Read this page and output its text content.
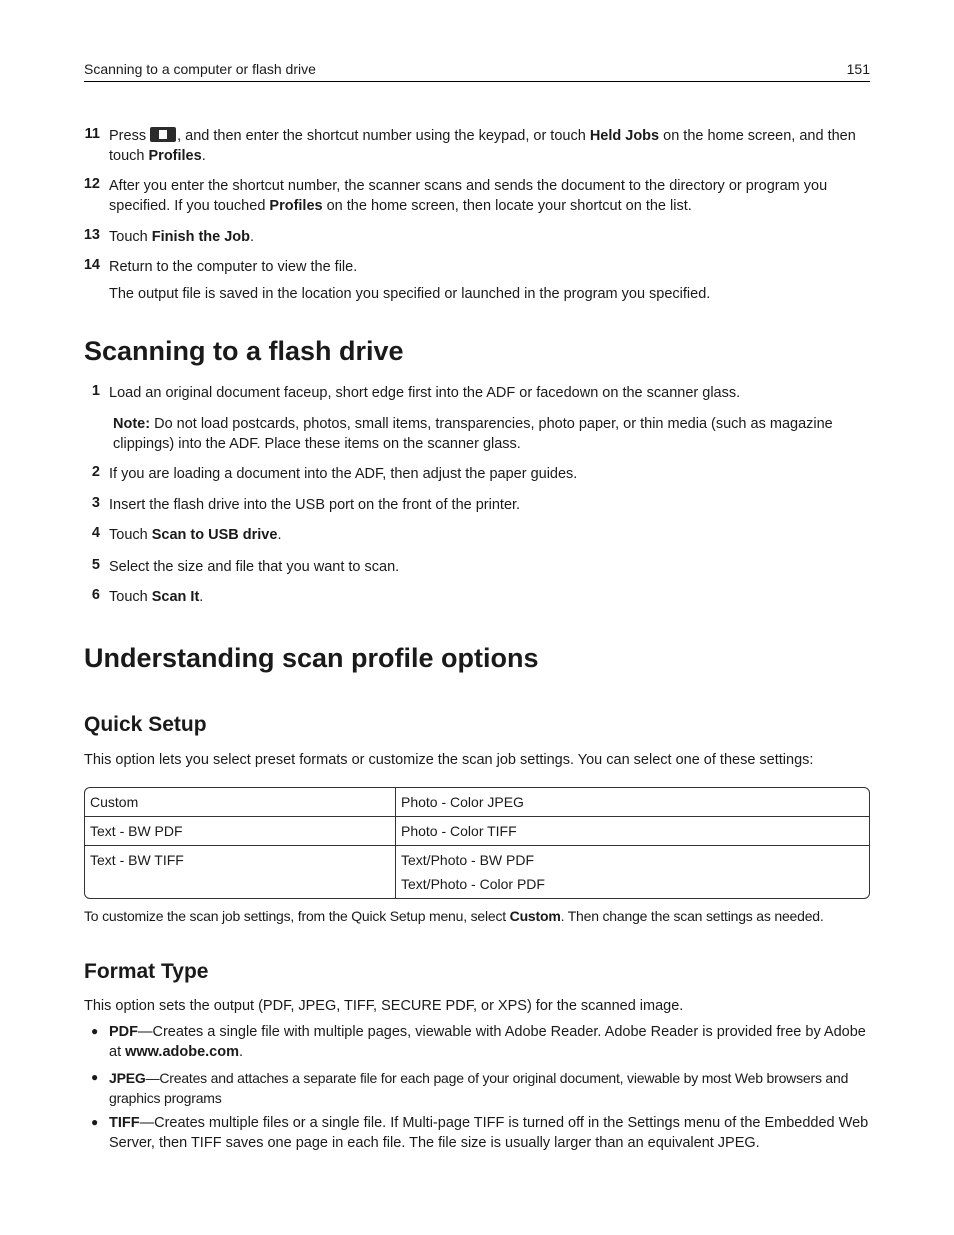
Scanning to a computer or flash drive	151
11 Press , and then enter the shortcut number using the keypad, or touch Held Jobs on the home screen, and then touch Profiles.
12 After you enter the shortcut number, the scanner scans and sends the document to the directory or program you specified. If you touched Profiles on the home screen, then locate your shortcut on the list.
13 Touch Finish the Job.
14 Return to the computer to view the file.
The output file is saved in the location you specified or launched in the program you specified.
Scanning to a flash drive
1 Load an original document faceup, short edge first into the ADF or facedown on the scanner glass.
Note: Do not load postcards, photos, small items, transparencies, photo paper, or thin media (such as magazine clippings) into the ADF. Place these items on the scanner glass.
2 If you are loading a document into the ADF, then adjust the paper guides.
3 Insert the flash drive into the USB port on the front of the printer.
4 Touch Scan to USB drive.
5 Select the size and file that you want to scan.
6 Touch Scan It.
Understanding scan profile options
Quick Setup
This option lets you select preset formats or customize the scan job settings. You can select one of these settings:
Custom	Photo - Color JPEG
Text - BW PDF	Photo - Color TIFF
Text - BW TIFF	Text/Photo - BW PDF
Text/Photo - Color PDF
To customize the scan job settings, from the Quick Setup menu, select Custom. Then change the scan settings as needed.
Format Type
This option sets the output (PDF, JPEG, TIFF, SECURE PDF, or XPS) for the scanned image.
● PDF—Creates a single file with multiple pages, viewable with Adobe Reader. Adobe Reader is provided free by Adobe at www.adobe.com.
● JPEG—Creates and attaches a separate file for each page of your original document, viewable by most Web browsers and graphics programs
● TIFF—Creates multiple files or a single file. If Multi-page TIFF is turned off in the Settings menu of the Embedded Web Server, then TIFF saves one page in each file. The file size is usually larger than an equivalent JPEG.
